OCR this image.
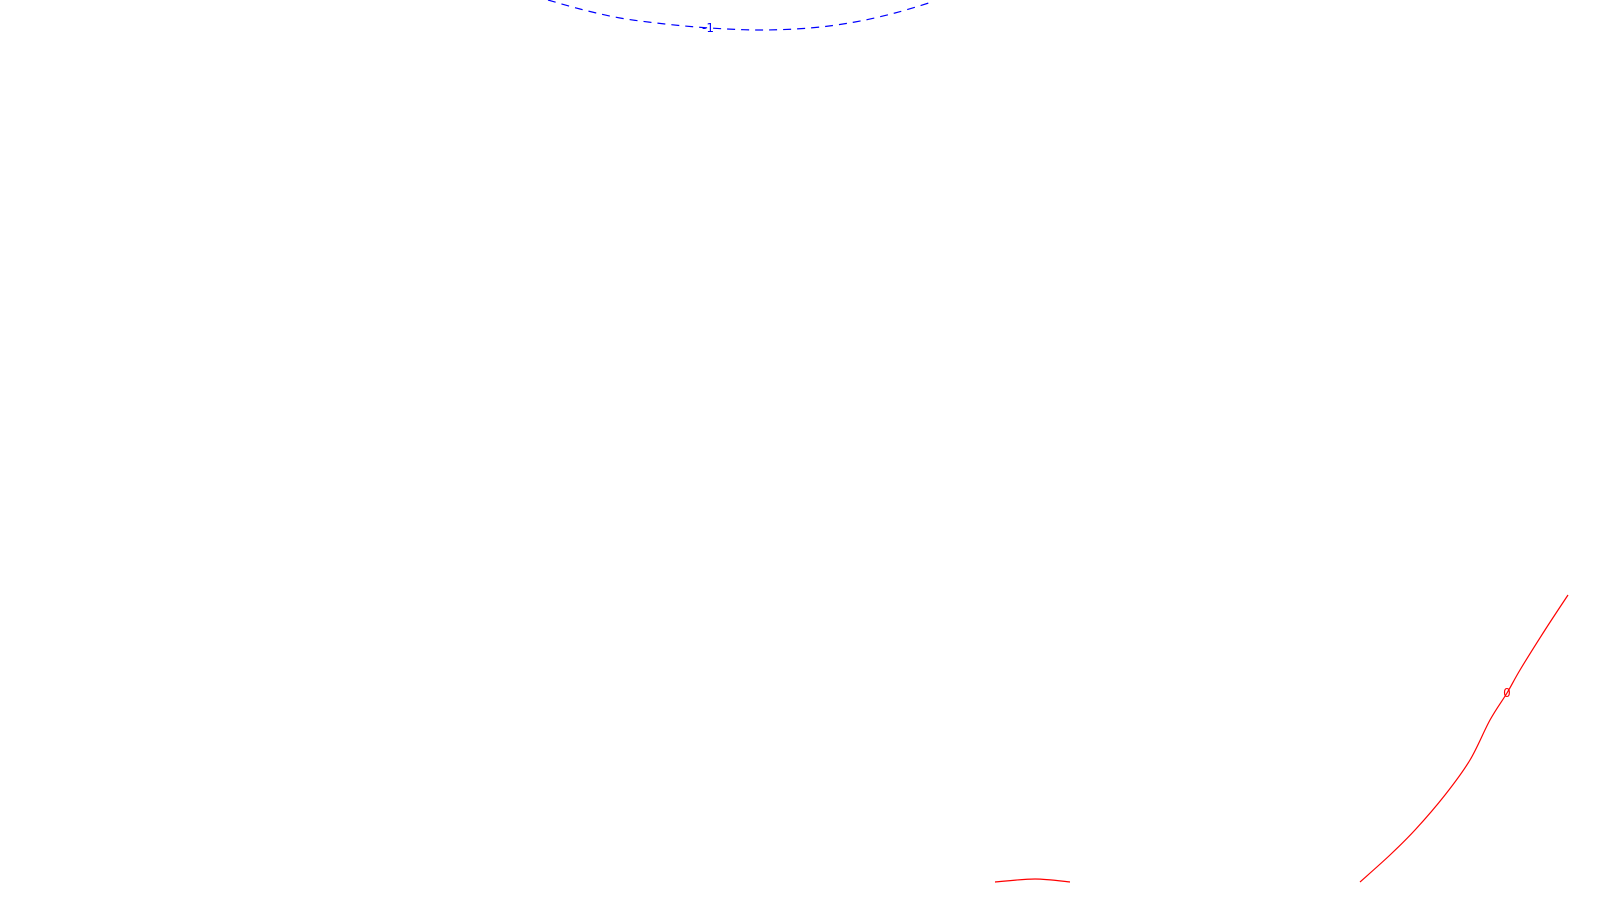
-1
0
